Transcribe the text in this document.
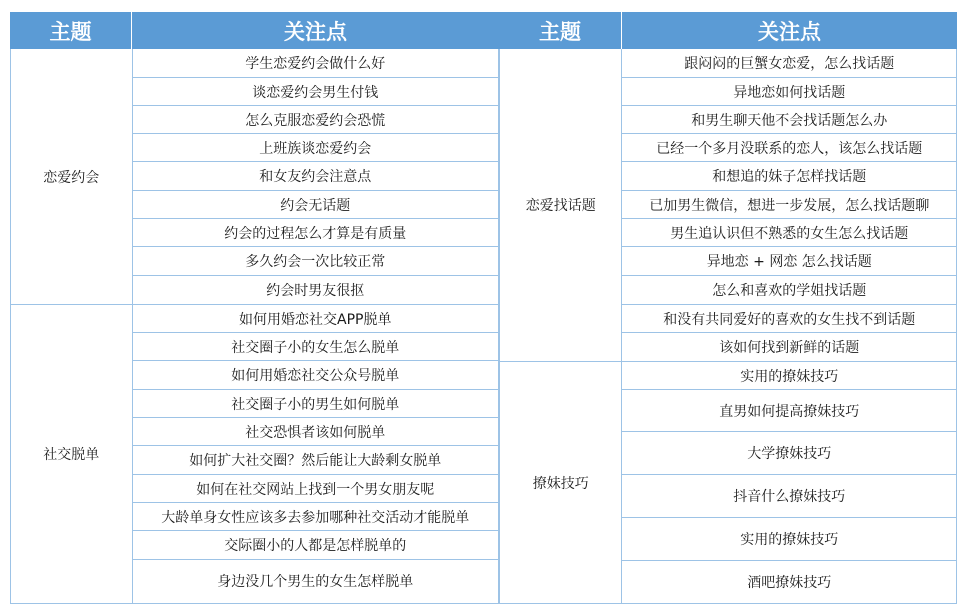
主题	关注点
恋爱约会
社交脱单
学生恋爱约会做什么好
谈恋爱约会男生付钱
怎么克服恋爱约会恐慌
上班族谈恋爱约会
和女友约会注意点
约会无话题
约会的过程怎么才算是有质量
多久约会一次比较正常
约会时男友很抠
如何用婚恋社交APP脱单
社交圈子小的女生怎么脱单
如何用婚恋社交公众号脱单
社交圈子小的男生如何脱单
社交恐惧者该如何脱单
如何扩大社交圈？然后能让大龄剩女脱单
如何在社交网站上找到一个男女朋友呢
大龄单身女性应该多去参加哪种社交活动才能脱单
交际圈小的人都是怎样脱单的
身边没几个男生的女生怎样脱单
主题	关注点
恋爱找话题
撩妹技巧
跟闷闷的巨蟹女恋爱，怎么找话题
异地恋如何找话题
和男生聊天他不会找话题怎么办
已经一个多月没联系的恋人，该怎么找话题
和想追的妹子怎样找话题
已加男生微信，想进一步发展，怎么找话题聊
男生追认识但不熟悉的女生怎么找话题
异地恋 + 网恋 怎么找话题
怎么和喜欢的学姐找话题
和没有共同爱好的喜欢的女生找不到话题
该如何找到新鲜的话题
实用的撩妹技巧
直男如何提高撩妹技巧
大学撩妹技巧
抖音什么撩妹技巧
实用的撩妹技巧
酒吧撩妹技巧
